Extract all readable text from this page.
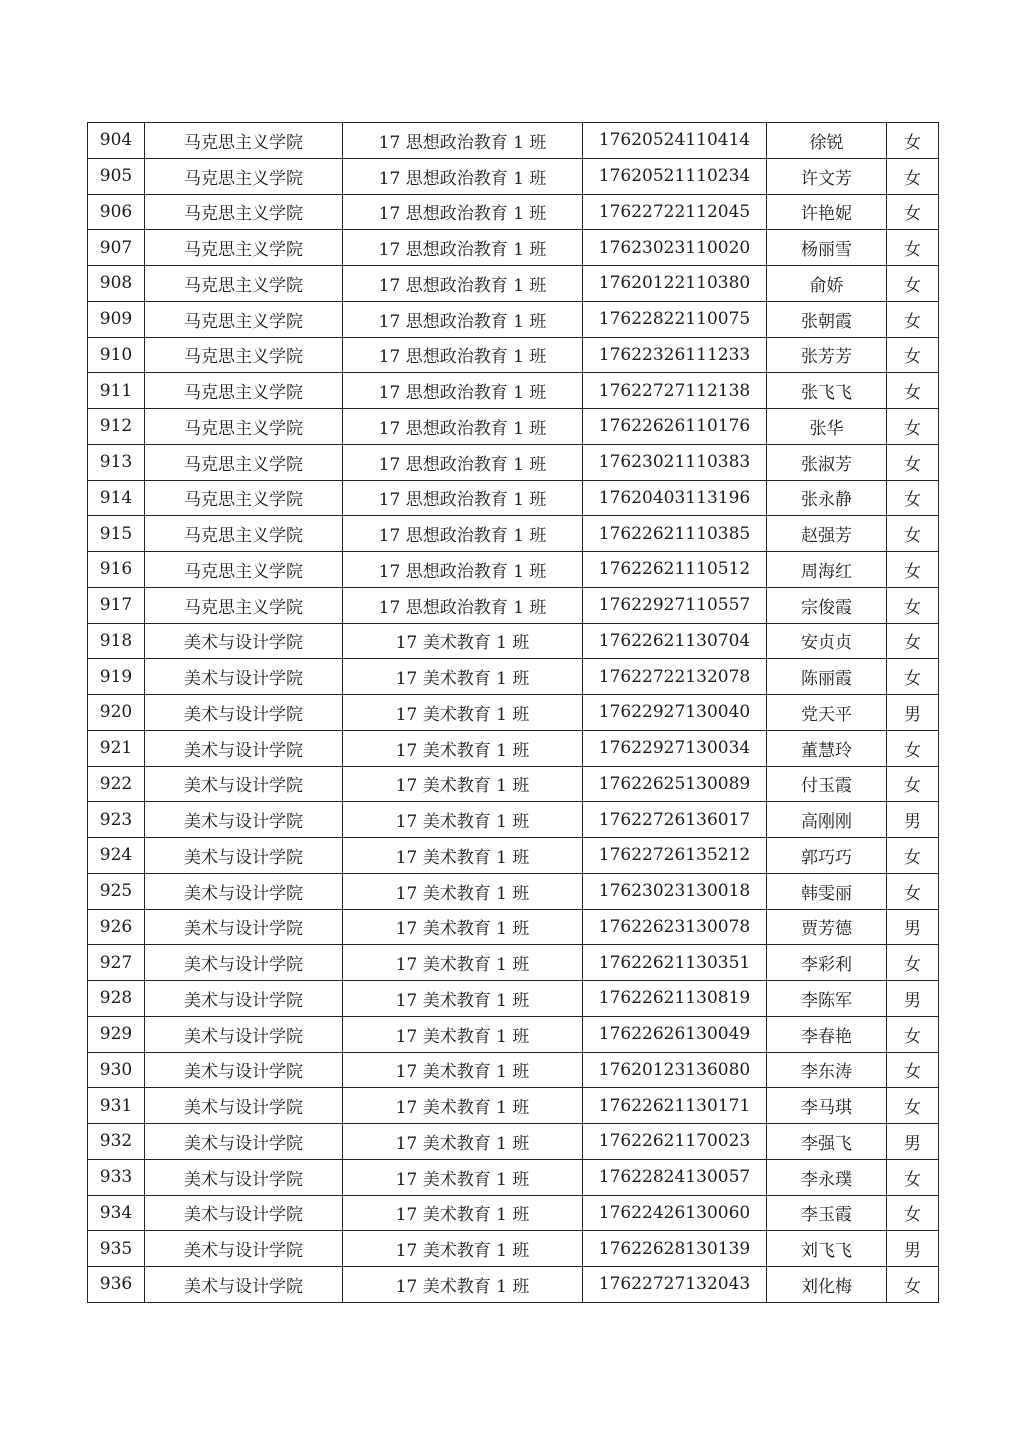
904	马克思主义学院	17 思想政治教育 1 班	17620524110414	徐锐	女
905	马克思主义学院	17 思想政治教育 1 班	17620521110234	许文芳	女
906	马克思主义学院	17 思想政治教育 1 班	17622722112045	许艳妮	女
907	马克思主义学院	17 思想政治教育 1 班	17623023110020	杨丽雪	女
908	马克思主义学院	17 思想政治教育 1 班	17620122110380	俞娇	女
909	马克思主义学院	17 思想政治教育 1 班	17622822110075	张朝霞	女
910	马克思主义学院	17 思想政治教育 1 班	17622326111233	张芳芳	女
911	马克思主义学院	17 思想政治教育 1 班	17622727112138	张飞飞	女
912	马克思主义学院	17 思想政治教育 1 班	17622626110176	张华	女
913	马克思主义学院	17 思想政治教育 1 班	17623021110383	张淑芳	女
914	马克思主义学院	17 思想政治教育 1 班	17620403113196	张永静	女
915	马克思主义学院	17 思想政治教育 1 班	17622621110385	赵强芳	女
916	马克思主义学院	17 思想政治教育 1 班	17622621110512	周海红	女
917	马克思主义学院	17 思想政治教育 1 班	17622927110557	宗俊霞	女
918	美术与设计学院	17 美术教育 1 班	17622621130704	安贞贞	女
919	美术与设计学院	17 美术教育 1 班	17622722132078	陈丽霞	女
920	美术与设计学院	17 美术教育 1 班	17622927130040	党天平	男
921	美术与设计学院	17 美术教育 1 班	17622927130034	董慧玲	女
922	美术与设计学院	17 美术教育 1 班	17622625130089	付玉霞	女
923	美术与设计学院	17 美术教育 1 班	17622726136017	高刚刚	男
924	美术与设计学院	17 美术教育 1 班	17622726135212	郭巧巧	女
925	美术与设计学院	17 美术教育 1 班	17623023130018	韩雯丽	女
926	美术与设计学院	17 美术教育 1 班	17622623130078	贾芳德	男
927	美术与设计学院	17 美术教育 1 班	17622621130351	李彩利	女
928	美术与设计学院	17 美术教育 1 班	17622621130819	李陈军	男
929	美术与设计学院	17 美术教育 1 班	17622626130049	李春艳	女
930	美术与设计学院	17 美术教育 1 班	17620123136080	李东涛	女
931	美术与设计学院	17 美术教育 1 班	17622621130171	李马琪	女
932	美术与设计学院	17 美术教育 1 班	17622621170023	李强飞	男
933	美术与设计学院	17 美术教育 1 班	17622824130057	李永璞	女
934	美术与设计学院	17 美术教育 1 班	17622426130060	李玉霞	女
935	美术与设计学院	17 美术教育 1 班	17622628130139	刘飞飞	男
936	美术与设计学院	17 美术教育 1 班	17622727132043	刘化梅	女
